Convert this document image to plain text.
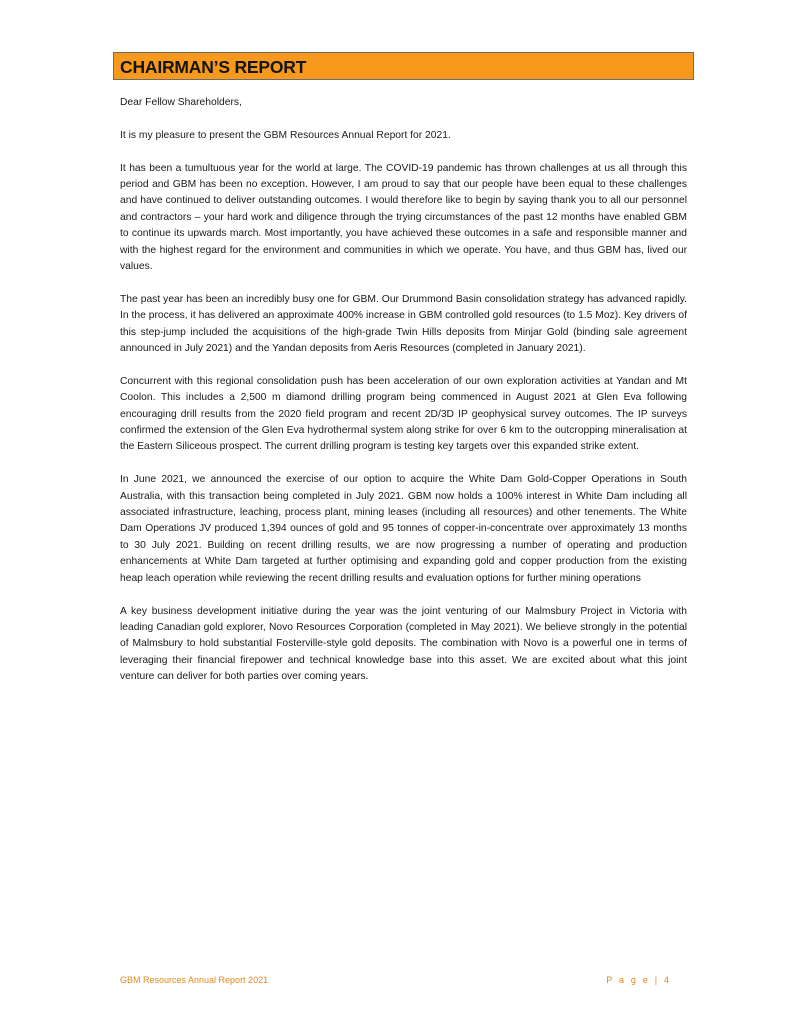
CHAIRMAN’S REPORT

Dear Fellow Shareholders,

It is my pleasure to present the GBM Resources Annual Report for 2021.

It has been a tumultuous year for the world at large. The COVID-19 pandemic has thrown challenges at us all through this period and GBM has been no exception. However, I am proud to say that our people have been equal to these challenges and have continued to deliver outstanding outcomes. I would therefore like to begin by saying thank you to all our personnel and contractors – your hard work and diligence through the trying circumstances of the past 12 months have enabled GBM to continue its upwards march. Most importantly, you have achieved these outcomes in a safe and responsible manner and with the highest regard for the environment and communities in which we operate. You have, and thus GBM has, lived our values.

The past year has been an incredibly busy one for GBM. Our Drummond Basin consolidation strategy has advanced rapidly. In the process, it has delivered an approximate 400% increase in GBM controlled gold resources (to 1.5 Moz). Key drivers of this step-jump included the acquisitions of the high-grade Twin Hills deposits from Minjar Gold (binding sale agreement announced in July 2021) and the Yandan deposits from Aeris Resources (completed in January 2021).

Concurrent with this regional consolidation push has been acceleration of our own exploration activities at Yandan and Mt Coolon. This includes a 2,500 m diamond drilling program being commenced in August 2021 at Glen Eva following encouraging drill results from the 2020 field program and recent 2D/3D IP geophysical survey outcomes. The IP surveys confirmed the extension of the Glen Eva hydrothermal system along strike for over 6 km to the outcropping mineralisation at the Eastern Siliceous prospect. The current drilling program is testing key targets over this expanded strike extent.

In June 2021, we announced the exercise of our option to acquire the White Dam Gold-Copper Operations in South Australia, with this transaction being completed in July 2021. GBM now holds a 100% interest in White Dam including all associated infrastructure, leaching, process plant, mining leases (including all resources) and other tenements. The White Dam Operations JV produced 1,394 ounces of gold and 95 tonnes of copper-in-concentrate over approximately 13 months to 30 July 2021. Building on recent drilling results, we are now progressing a number of operating and production enhancements at White Dam targeted at further optimising and expanding gold and copper production from the existing heap leach operation while reviewing the recent drilling results and evaluation options for further mining operations

A key business development initiative during the year was the joint venturing of our Malmsbury Project in Victoria with leading Canadian gold explorer, Novo Resources Corporation (completed in May 2021). We believe strongly in the potential of Malmsbury to hold substantial Fosterville-style gold deposits. The combination with Novo is a powerful one in terms of leveraging their financial firepower and technical knowledge base into this asset. We are excited about what this joint venture can deliver for both parties over coming years.

GBM Resources Annual Report 2021	P a g e | 4
